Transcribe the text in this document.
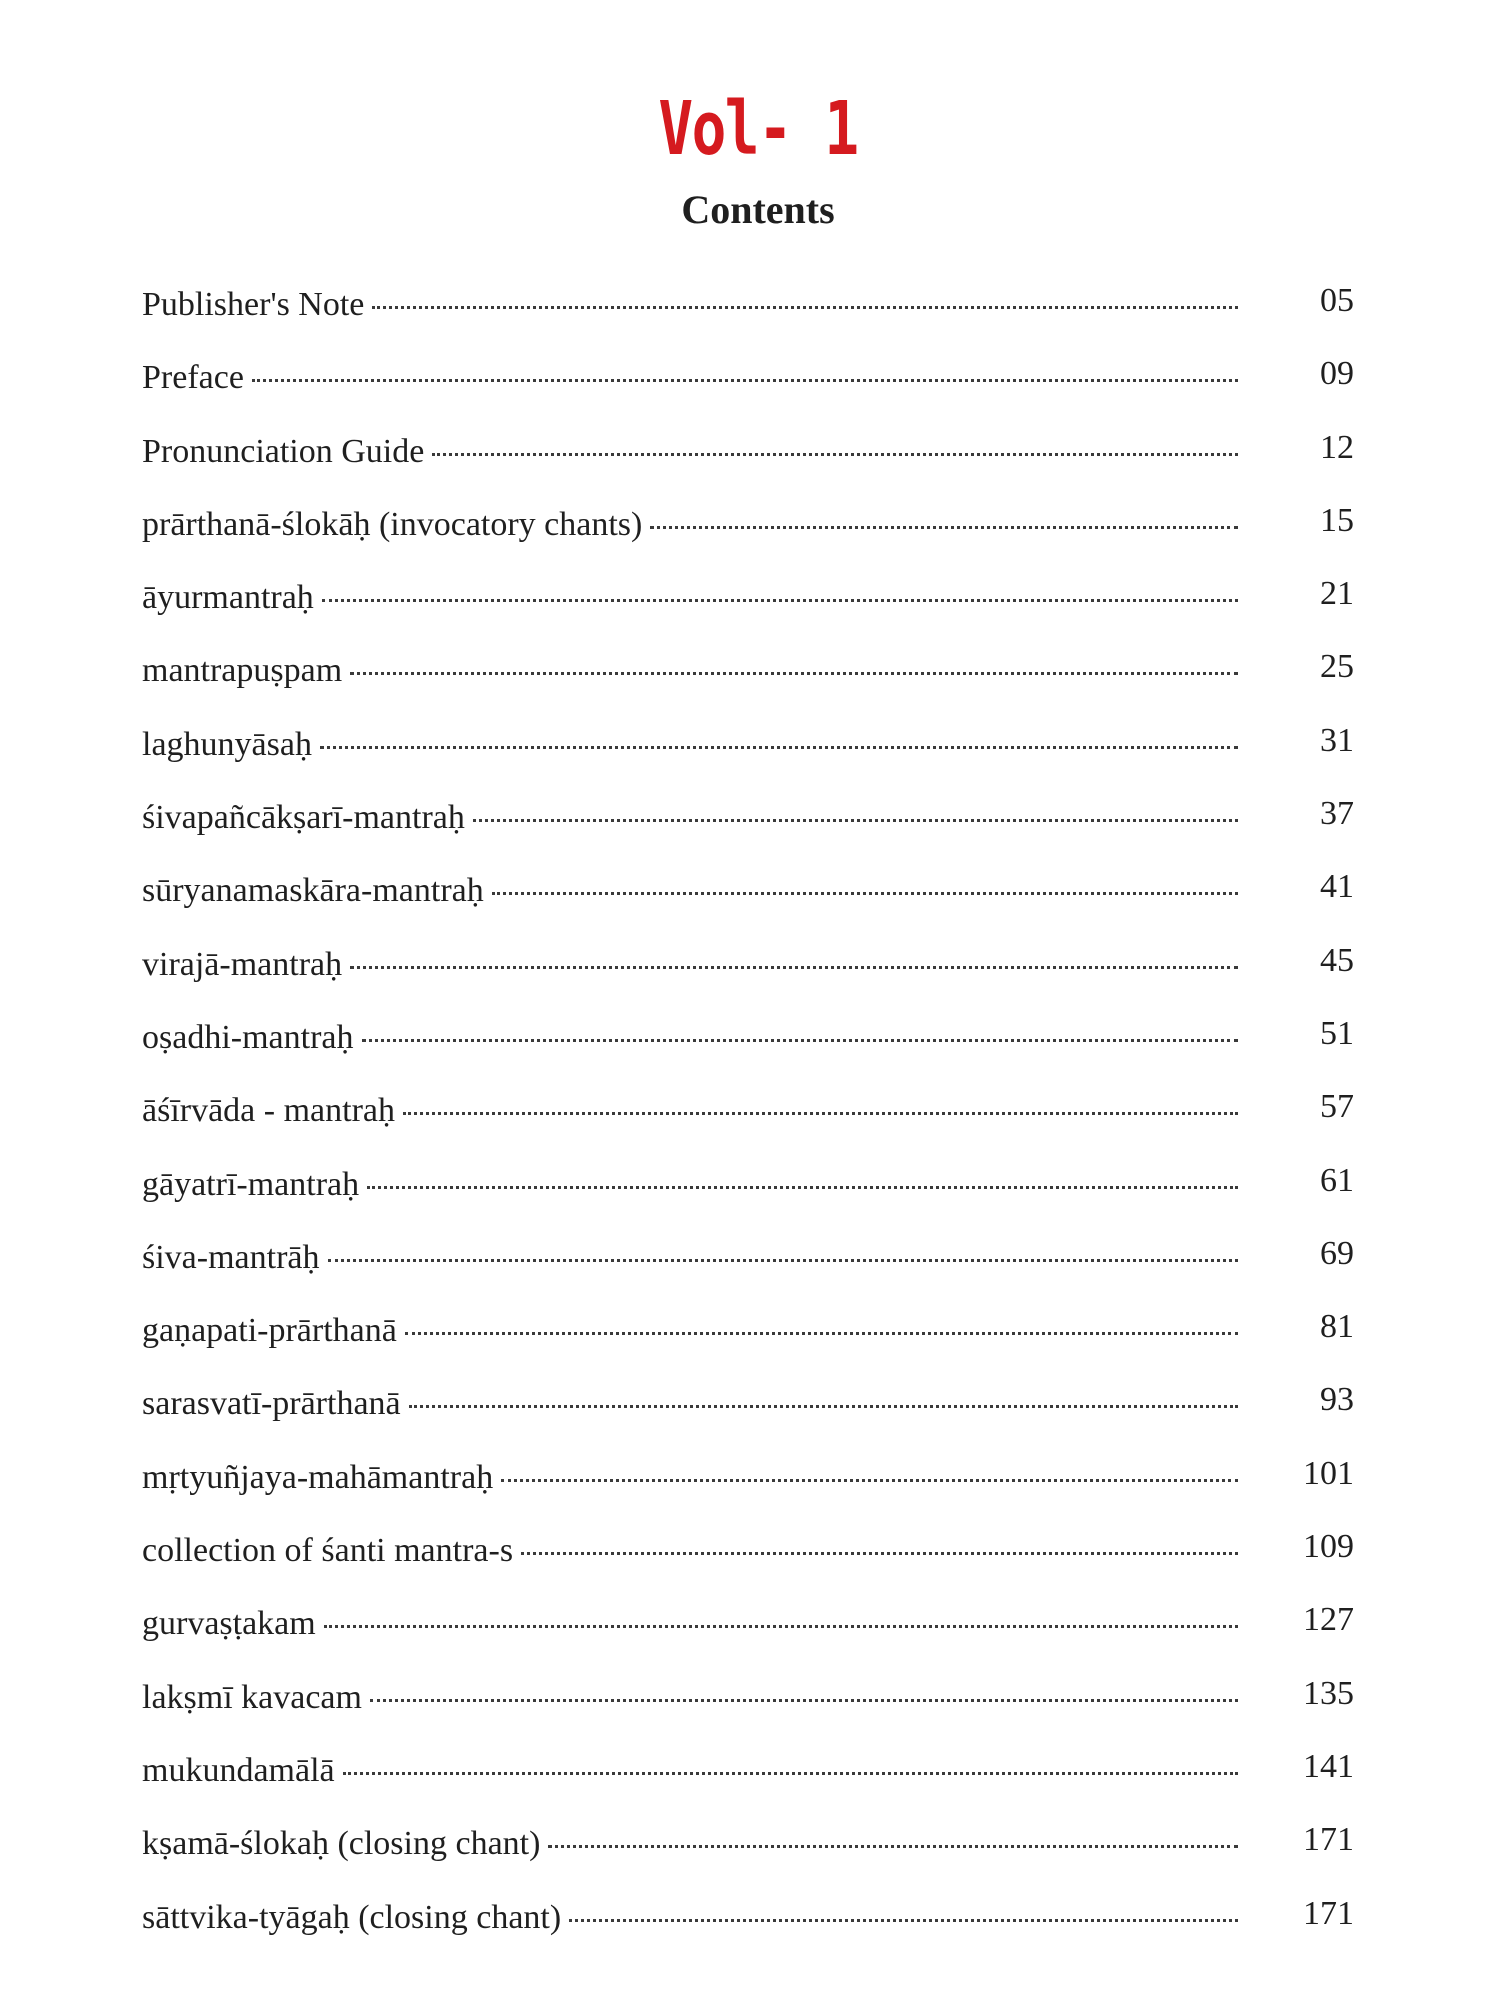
Vol- 1
Contents
Publisher's Note	05
Preface	09
Pronunciation Guide	12
prārthanā-ślokāḥ (invocatory chants)	15
āyurmantraḥ	21
mantrapuṣpam	25
laghunyāsaḥ	31
śivapañcākṣarī-mantraḥ	37
sūryanamaskāra-mantraḥ	41
virajā-mantraḥ	45
oṣadhi-mantraḥ	51
āśīrvāda - mantraḥ	57
gāyatrī-mantraḥ	61
śiva-mantrāḥ	69
gaṇapati-prārthanā	81
sarasvatī-prārthanā	93
mṛtyuñjaya-mahāmantraḥ	101
collection of śanti mantra-s	109
gurvaṣṭakam	127
lakṣmī kavacam	135
mukundamālā	141
kṣamā-ślokaḥ (closing chant)	171
sāttvika-tyāgaḥ (closing chant)	171
